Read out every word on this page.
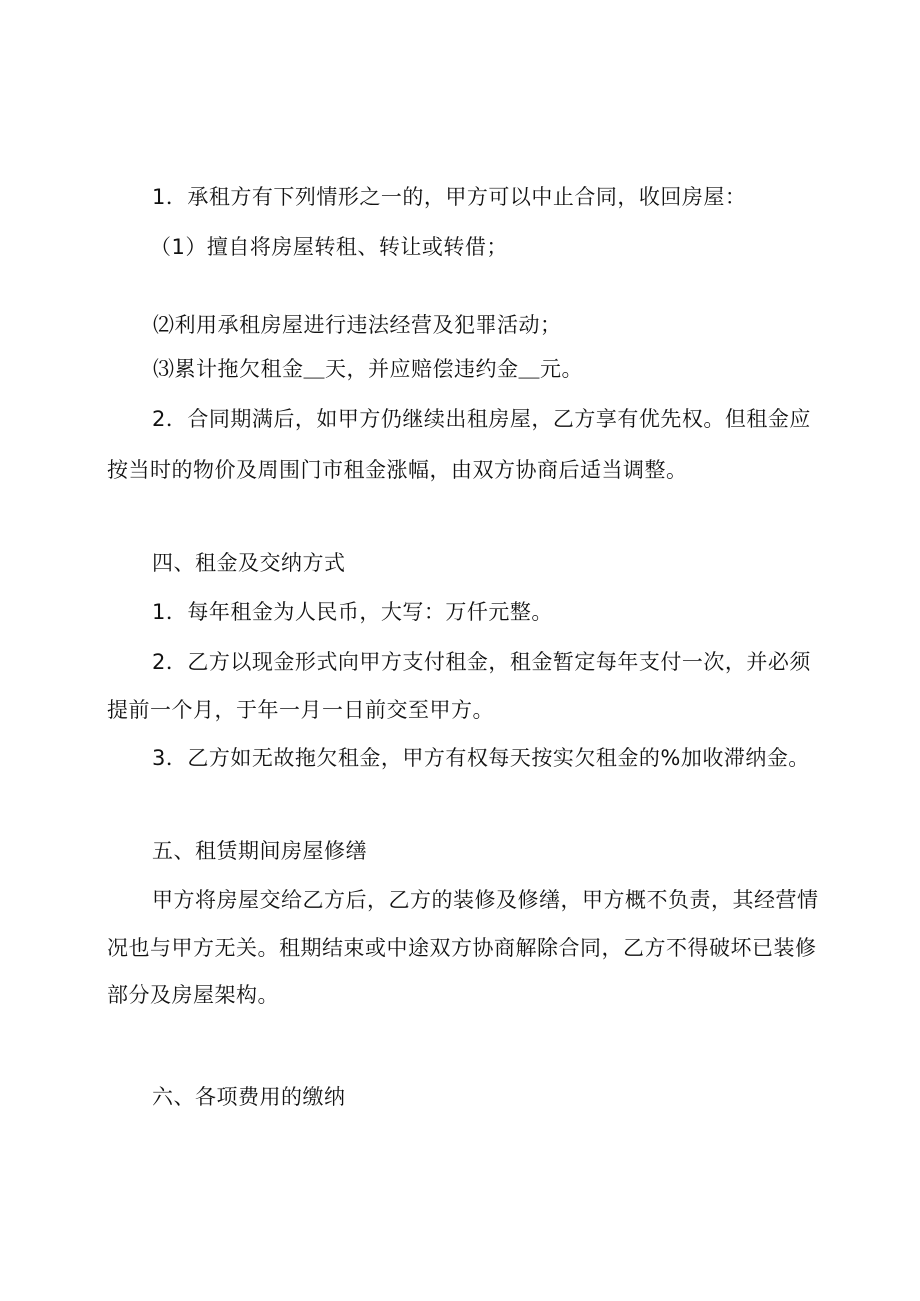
1．承租方有下列情形之一的，甲方可以中止合同，收回房屋：
（1）擅自将房屋转租、转让或转借；
⑵利用承租房屋进行违法经营及犯罪活动；
⑶累计拖欠租金＿天，并应赔偿违约金＿元。
2．合同期满后，如甲方仍继续出租房屋，乙方享有优先权。但租金应
按当时的物价及周围门市租金涨幅，由双方协商后适当调整。
四、租金及交纳方式
1．每年租金为人民币，大写：万仟元整。
2．乙方以现金形式向甲方支付租金，租金暂定每年支付一次，并必须
提前一个月，于年一月一日前交至甲方。
3．乙方如无故拖欠租金，甲方有权每天按实欠租金的%加收滞纳金。
五、租赁期间房屋修缮
甲方将房屋交给乙方后，乙方的装修及修缮，甲方概不负责，其经营情
况也与甲方无关。租期结束或中途双方协商解除合同，乙方不得破坏已装修
部分及房屋架构。
六、各项费用的缴纳
